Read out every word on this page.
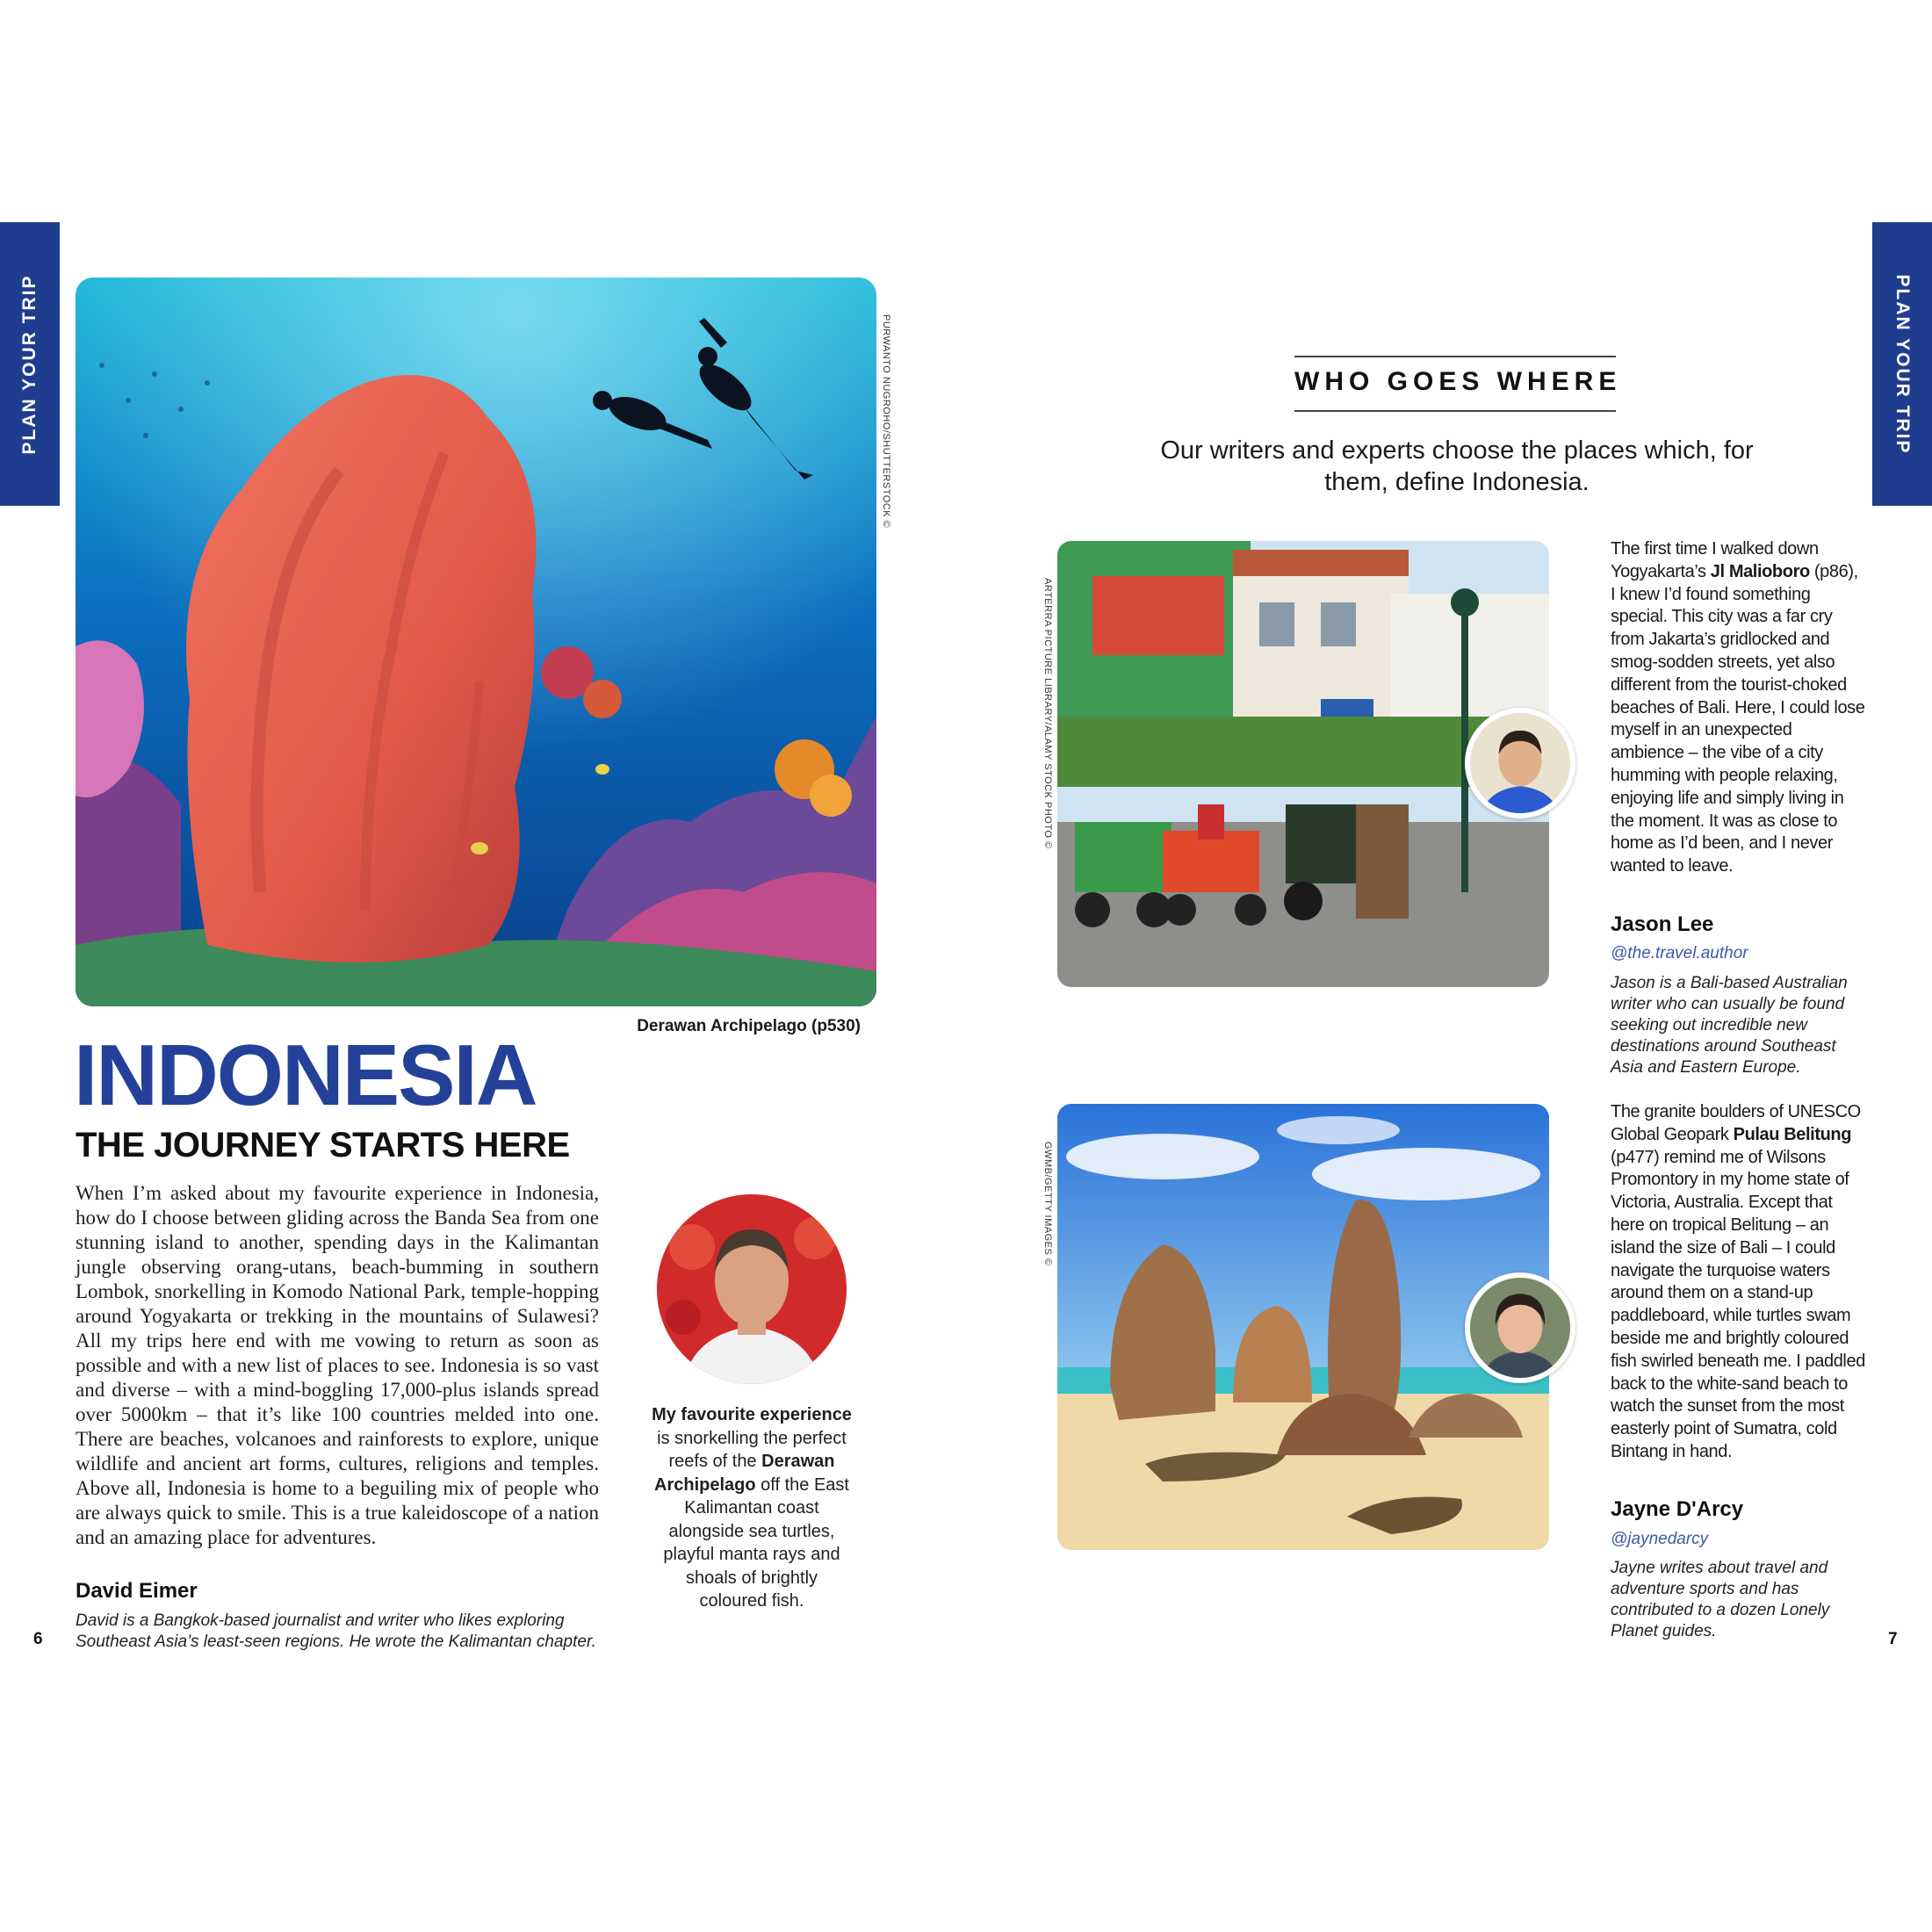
PLAN YOUR TRIP	PLAN YOUR TRIP
PURWANTO NUGROHO/SHUTTERSTOCK ©
Derawan Archipelago (p530)
INDONESIA
THE JOURNEY STARTS HERE
When I’m asked about my favourite experience in Indonesia, how do I choose between gliding across the Banda Sea from one stunning island to another, spending days in the Kalimantan jungle observing orang-utans, beach-bumming in southern Lombok, snorkelling in Komodo National Park, temple-hopping around Yogyakarta or trekking in the mountains of Sulawesi? All my trips here end with me vowing to return as soon as possible and with a new list of places to see. Indonesia is so vast and diverse – with a mind-boggling 17,000-plus islands spread over 5000km – that it’s like 100 countries melded into one. There are beaches, volcanoes and rainforests to explore, unique wildlife and ancient art forms, cultures, religions and temples. Above all, Indonesia is home to a beguiling mix of people who are always quick to smile. This is a true kaleidoscope of a nation and an amazing place for adventures.
David Eimer
David is a Bangkok-based journalist and writer who likes exploring Southeast Asia’s least-seen regions. He wrote the Kalimantan chapter.
My favourite experience is snorkelling the perfect reefs of the Derawan Archipelago off the East Kalimantan coast alongside sea turtles, playful manta rays and shoals of brightly coloured fish.
6
WHO GOES WHERE
Our writers and experts choose the places which, for them, define Indonesia.
ARTERRA PICTURE LIBRARY/ALAMY STOCK PHOTO ©
The first time I walked down Yogyakarta’s Jl Malioboro (p86), I knew I’d found something special. This city was a far cry from Jakarta’s gridlocked and smog-sodden streets, yet also different from the tourist-choked beaches of Bali. Here, I could lose myself in an unexpected ambience – the vibe of a city humming with people relaxing, enjoying life and simply living in the moment. It was as close to home as I’d been, and I never wanted to leave.
Jason Lee
@the.travel.author
Jason is a Bali-based Australian writer who can usually be found seeking out incredible new destinations around Southeast Asia and Eastern Europe.
GWMB/GETTY IMAGES ©
The granite boulders of UNESCO Global Geopark Pulau Belitung (p477) remind me of Wilsons Promontory in my home state of Victoria, Australia. Except that here on tropical Belitung – an island the size of Bali – I could navigate the turquoise waters around them on a stand-up paddleboard, while turtles swam beside me and brightly coloured fish swirled beneath me. I paddled back to the white-sand beach to watch the sunset from the most easterly point of Sumatra, cold Bintang in hand.
Jayne D'Arcy
@jaynedarcy
Jayne writes about travel and adventure sports and has contributed to a dozen Lonely Planet guides.	7
